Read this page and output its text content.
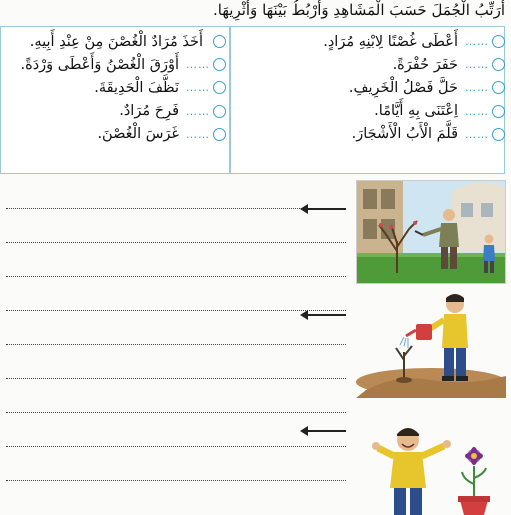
أُرَتِّبُ الْجُمَلَ حَسَبَ الْمَشَاهِدِ وَأَرْبُطُ بَيْنَهَا وَأُثْرِيهَا.
……
أَعْطَى غُصْنًا لِابْنِهِ مُرَادٍ.
……
حَفَرَ حُفْرَةً.
……
حَلَّ فَصْلُ الْخَرِيفِ.
……
اِعْتَنَى بِهِ أَيَّامًا.
……
قَلَّمَ الْأَبُ الْأَشْجَارَ.
أَخَذَ مُرَادٌ الْغُصْنَ مِنْ عِنْدِ أَبِيهِ.
……
أَوْرَقَ الْغُصْنُ وَأَعْطَى وَرْدَةً.
……
نَظَّفَ الْحَدِيقَةَ.
……
فَرِحَ مُرَادٌ.
……
غَرَسَ الْغُصْنَ.
